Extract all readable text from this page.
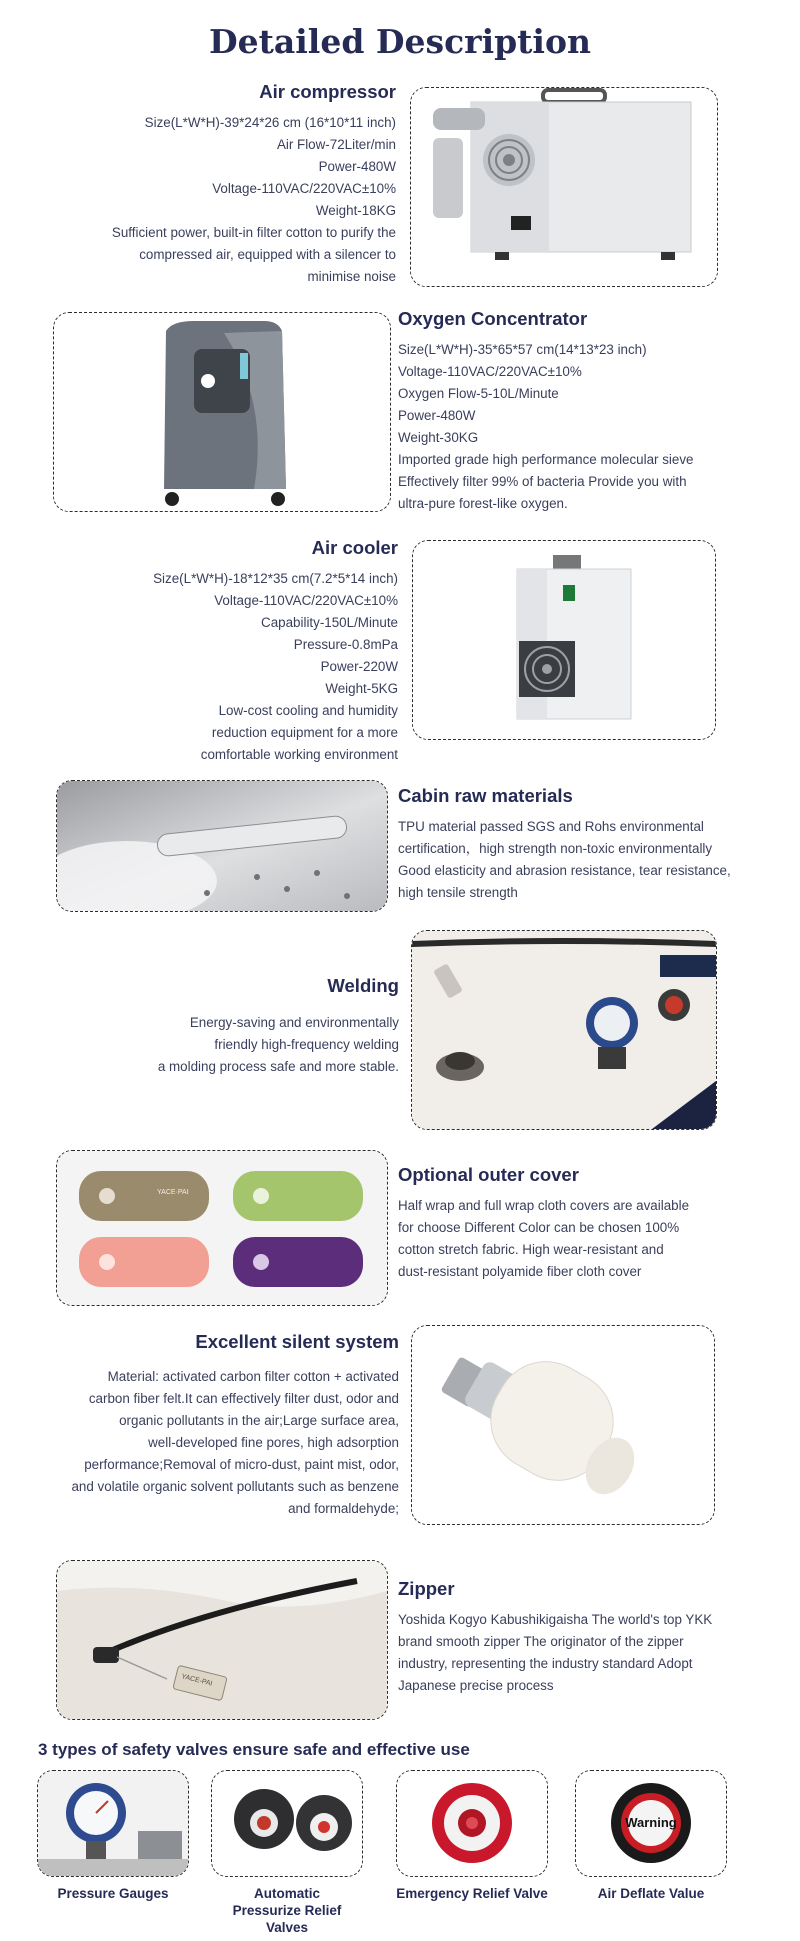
Detailed Description
Air compressor
Size(L*W*H)-39*24*26 cm (16*10*11 inch)
Air Flow-72Liter/min
Power-480W
Voltage-110VAC/220VAC±10%
Weight-18KG
Sufficient power, built-in filter cotton to purify the
compressed air, equipped with a silencer to
minimise noise
Oxygen Concentrator
Size(L*W*H)-35*65*57 cm(14*13*23 inch)
Voltage-110VAC/220VAC±10%
Oxygen Flow-5-10L/Minute
Power-480W
Weight-30KG
Imported grade high performance molecular sieve
Effectively filter 99% of bacteria Provide you with
ultra-pure forest-like oxygen.
Air cooler
Size(L*W*H)-18*12*35 cm(7.2*5*14 inch)
Voltage-110VAC/220VAC±10%
Capability-150L/Minute
Pressure-0.8mPa
Power-220W
Weight-5KG
Low-cost cooling and humidity
reduction equipment for a more
comfortable working environment
Cabin raw materials
TPU material passed SGS and Rohs environmental
certification，high strength non-toxic environmentally
Good elasticity and abrasion resistance, tear resistance,
high tensile strength
Welding
Energy-saving and environmentally
friendly high-frequency welding
a molding process safe and more stable.
YACE·PAI
Optional outer cover
Half wrap and full wrap cloth covers are available
for choose Different Color can be chosen 100%
cotton stretch fabric. High wear-resistant and
dust-resistant polyamide fiber cloth cover
Excellent silent system
Material: activated carbon filter cotton + activated
carbon fiber felt.It can effectively filter dust, odor and
organic pollutants in the air;Large surface area,
well-developed fine pores, high adsorption
performance;Removal of micro-dust, paint mist, odor,
and volatile organic solvent pollutants such as benzene
and formaldehyde;
YACE-PAI
Zipper
Yoshida Kogyo Kabushikigaisha The world's top YKK
brand smooth zipper The originator of the zipper
industry, representing the industry standard Adopt
Japanese precise process
3 types of safety valves ensure safe and effective use
Pressure Gauges	Automatic
Pressurize Relief Valves
Emergency Relief Valve
Warning
Air Deflate Value
